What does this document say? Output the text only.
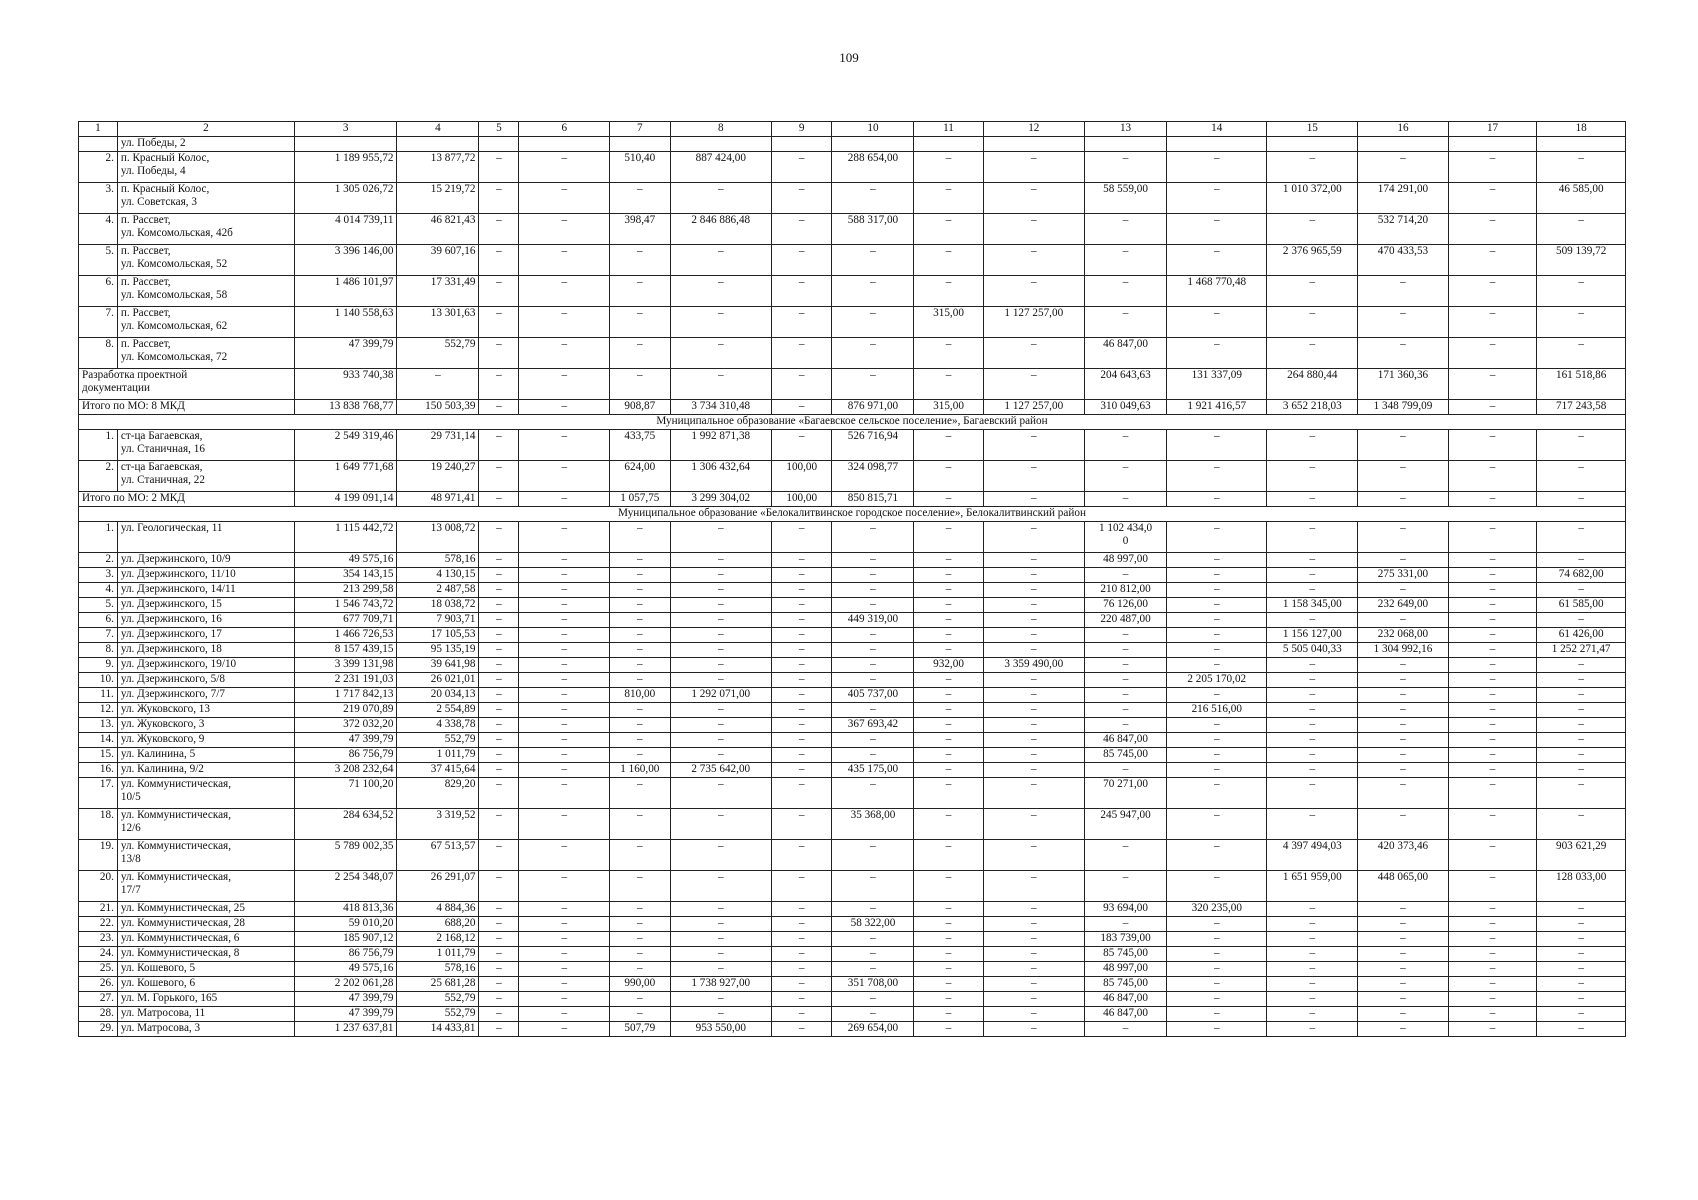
109
1	2	3	4	5	6	7	8	9	10	11	12	13	14	15	16	17	18
	ул. Победы, 2																
2.	п. Красный Колос,
ул. Победы, 4	1 189 955,72	13 877,72	–	–	510,40	887 424,00	–	288 654,00	–	–	–	–	–	–	–	–
3.	п. Красный Колос,
ул. Советская, 3	1 305 026,72	15 219,72	–	–	–	–	–	–	–	–	58 559,00	–	1 010 372,00	174 291,00	–	46 585,00
4.	п. Рассвет,
ул. Комсомольская, 42б	4 014 739,11	46 821,43	–	–	398,47	2 846 886,48	–	588 317,00	–	–	–	–	–	532 714,20	–	–
5.	п. Рассвет,
ул. Комсомольская, 52	3 396 146,00	39 607,16	–	–	–	–	–	–	–	–	–	–	2 376 965,59	470 433,53	–	509 139,72
6.	п. Рассвет,
ул. Комсомольская, 58	1 486 101,97	17 331,49	–	–	–	–	–	–	–	–	–	1 468 770,48	–	–	–	–
7.	п. Рассвет,
ул. Комсомольская, 62	1 140 558,63	13 301,63	–	–	–	–	–	–	315,00	1 127 257,00	–	–	–	–	–	–
8.	п. Рассвет,
ул. Комсомольская, 72	47 399,79	552,79	–	–	–	–	–	–	–	–	46 847,00	–	–	–	–	–
Разработка проектной
документации		933 740,38	–	–	–	–	–	–	–	–	–	204 643,63	131 337,09	264 880,44	171 360,36	–	161 518,86
Итого по МО: 8 МКД		13 838 768,77	150 503,39	–	–	908,87	3 734 310,48	–	876 971,00	315,00	1 127 257,00	310 049,63	1 921 416,57	3 652 218,03	1 348 799,09	–	717 243,58
Муниципальное образование «Багаевское сельское поселение», Багаевский район																	
1.	ст-ца Багаевская,
ул. Станичная, 16	2 549 319,46	29 731,14	–	–	433,75	1 992 871,38	–	526 716,94	–	–	–	–	–	–	–	–
2.	ст-ца Багаевская,
ул. Станичная, 22	1 649 771,68	19 240,27	–	–	624,00	1 306 432,64	100,00	324 098,77	–	–	–	–	–	–	–	–
Итого по МО: 2 МКД		4 199 091,14	48 971,41	–	–	1 057,75	3 299 304,02	100,00	850 815,71	–	–	–	–	–	–	–	–
Муниципальное образование «Белокалитвинское городское поселение», Белокалитвинский район																	
1.	ул. Геологическая, 11	1 115 442,72	13 008,72	–	–	–	–	–	–	–	–	1 102 434,0
0	–	–	–	–	–
2.	ул. Дзержинского, 10/9	49 575,16	578,16	–	–	–	–	–	–	–	–	48 997,00	–	–	–	–	–
3.	ул. Дзержинского, 11/10	354 143,15	4 130,15	–	–	–	–	–	–	–	–	–	–	–	275 331,00	–	74 682,00
4.	ул. Дзержинского, 14/11	213 299,58	2 487,58	–	–	–	–	–	–	–	–	210 812,00	–	–	–	–	–
5.	ул. Дзержинского, 15	1 546 743,72	18 038,72	–	–	–	–	–	–	–	–	76 126,00	–	1 158 345,00	232 649,00	–	61 585,00
6.	ул. Дзержинского, 16	677 709,71	7 903,71	–	–	–	–	–	449 319,00	–	–	220 487,00	–	–	–	–	–
7.	ул. Дзержинского, 17	1 466 726,53	17 105,53	–	–	–	–	–	–	–	–	–	–	1 156 127,00	232 068,00	–	61 426,00
8.	ул. Дзержинского, 18	8 157 439,15	95 135,19	–	–	–	–	–	–	–	–	–	–	5 505 040,33	1 304 992,16	–	1 252 271,47
9.	ул. Дзержинского, 19/10	3 399 131,98	39 641,98	–	–	–	–	–	–	932,00	3 359 490,00	–	–	–	–	–	–
10.	ул. Дзержинского, 5/8	2 231 191,03	26 021,01	–	–	–	–	–	–	–	–	–	2 205 170,02	–	–	–	–
11.	ул. Дзержинского, 7/7	1 717 842,13	20 034,13	–	–	810,00	1 292 071,00	–	405 737,00	–	–	–	–	–	–	–	–
12.	ул. Жуковского, 13	219 070,89	2 554,89	–	–	–	–	–	–	–	–	–	216 516,00	–	–	–	–
13.	ул. Жуковского, 3	372 032,20	4 338,78	–	–	–	–	–	367 693,42	–	–	–	–	–	–	–	–
14.	ул. Жуковского, 9	47 399,79	552,79	–	–	–	–	–	–	–	–	46 847,00	–	–	–	–	–
15.	ул. Калинина, 5	86 756,79	1 011,79	–	–	–	–	–	–	–	–	85 745,00	–	–	–	–	–
16.	ул. Калинина, 9/2	3 208 232,64	37 415,64	–	–	1 160,00	2 735 642,00	–	435 175,00	–	–	–	–	–	–	–	–
17.	ул. Коммунистическая,
10/5	71 100,20	829,20	–	–	–	–	–	–	–	–	70 271,00	–	–	–	–	–
18.	ул. Коммунистическая,
12/6	284 634,52	3 319,52	–	–	–	–	–	35 368,00	–	–	245 947,00	–	–	–	–	–
19.	ул. Коммунистическая,
13/8	5 789 002,35	67 513,57	–	–	–	–	–	–	–	–	–	–	4 397 494,03	420 373,46	–	903 621,29
20.	ул. Коммунистическая,
17/7	2 254 348,07	26 291,07	–	–	–	–	–	–	–	–	–	–	1 651 959,00	448 065,00	–	128 033,00
21.	ул. Коммунистическая, 25	418 813,36	4 884,36	–	–	–	–	–	–	–	–	93 694,00	320 235,00	–	–	–	–
22.	ул. Коммунистическая, 28	59 010,20	688,20	–	–	–	–	–	58 322,00	–	–	–	–	–	–	–	–
23.	ул. Коммунистическая, 6	185 907,12	2 168,12	–	–	–	–	–	–	–	–	183 739,00	–	–	–	–	–
24.	ул. Коммунистическая, 8	86 756,79	1 011,79	–	–	–	–	–	–	–	–	85 745,00	–	–	–	–	–
25.	ул. Кошевого, 5	49 575,16	578,16	–	–	–	–	–	–	–	–	48 997,00	–	–	–	–	–
26.	ул. Кошевого, 6	2 202 061,28	25 681,28	–	–	990,00	1 738 927,00	–	351 708,00	–	–	85 745,00	–	–	–	–	–
27.	ул. М. Горького, 165	47 399,79	552,79	–	–	–	–	–	–	–	–	46 847,00	–	–	–	–	–
28.	ул. Матросова, 11	47 399,79	552,79	–	–	–	–	–	–	–	–	46 847,00	–	–	–	–	–
29.	ул. Матросова, 3	1 237 637,81	14 433,81	–	–	507,79	953 550,00	–	269 654,00	–	–	–	–	–	–	–	–
